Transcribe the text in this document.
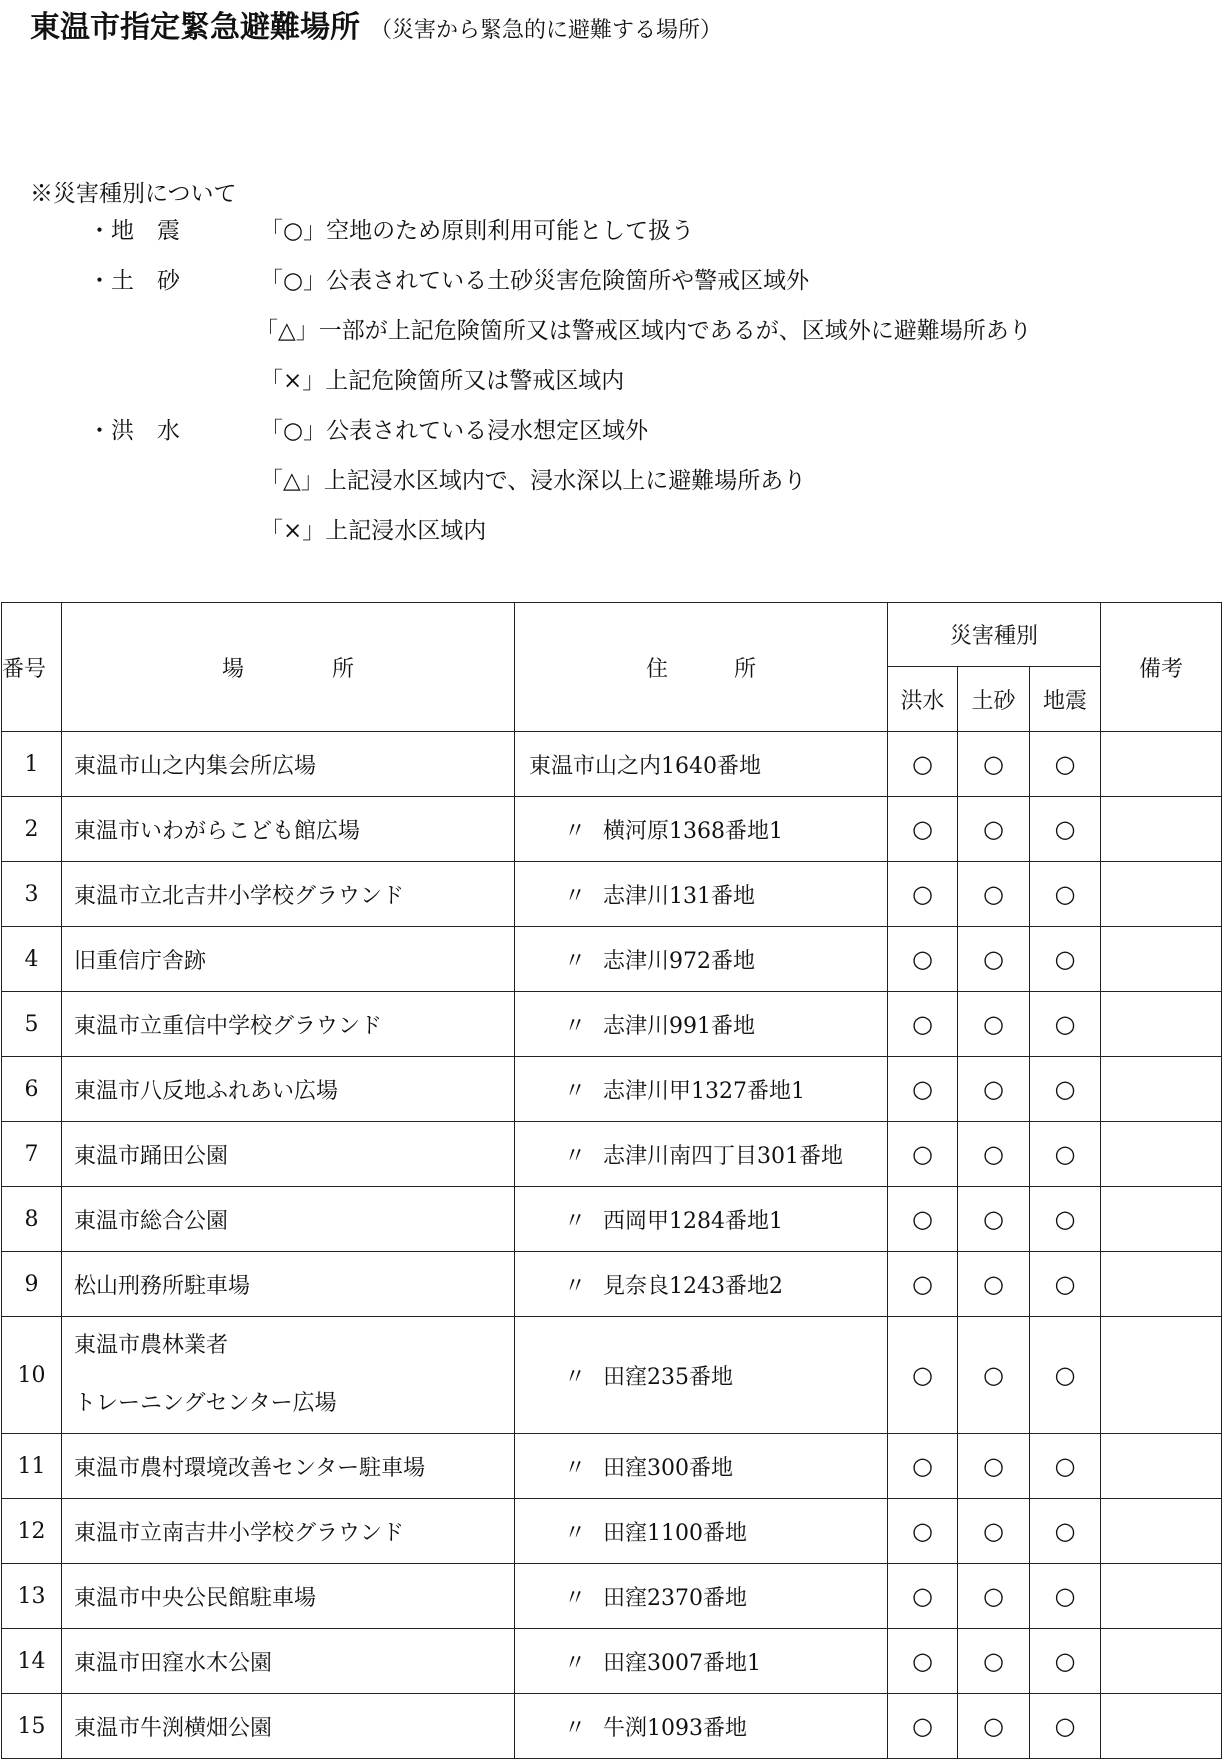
東温市指定緊急避難場所 （災害から緊急的に避難する場所）
※災害種別について
・地　震	「○」空地のため原則利用可能として扱う
・土　砂	「○」公表されている土砂災害危険箇所や警戒区域外
「△」一部が上記危険箇所又は警戒区域内であるが、区域外に避難場所あり
「×」上記危険箇所又は警戒区域内
・洪　水	「○」公表されている浸水想定区域外
「△」上記浸水区域内で、浸水深以上に避難場所あり
「×」上記浸水区域内
番号	場　　　　所	住　　　所	災害種別			備考
			洪水	土砂	地震	
1	東温市山之内集会所広場	東温市山之内1640番地	○	○	○	
2	東温市いわがらこども館広場	〃 横河原1368番地1	○	○	○	
3	東温市立北吉井小学校グラウンド	〃 志津川131番地	○	○	○	
4	旧重信庁舎跡	〃 志津川972番地	○	○	○	
5	東温市立重信中学校グラウンド	〃 志津川991番地	○	○	○	
6	東温市八反地ふれあい広場	〃 志津川甲1327番地1	○	○	○	
7	東温市踊田公園	〃 志津川南四丁目301番地	○	○	○	
8	東温市総合公園	〃 西岡甲1284番地1	○	○	○	
9	松山刑務所駐車場	〃 見奈良1243番地2	○	○	○	
10	東温市農林業者
トレーニングセンター広場	〃 田窪235番地	○	○	○	
11	東温市農村環境改善センター駐車場	〃 田窪300番地	○	○	○	
12	東温市立南吉井小学校グラウンド	〃 田窪1100番地	○	○	○	
13	東温市中央公民館駐車場	〃 田窪2370番地	○	○	○	
14	東温市田窪水木公園	〃 田窪3007番地1	○	○	○	
15	東温市牛渕横畑公園	〃 牛渕1093番地	○	○	○	
